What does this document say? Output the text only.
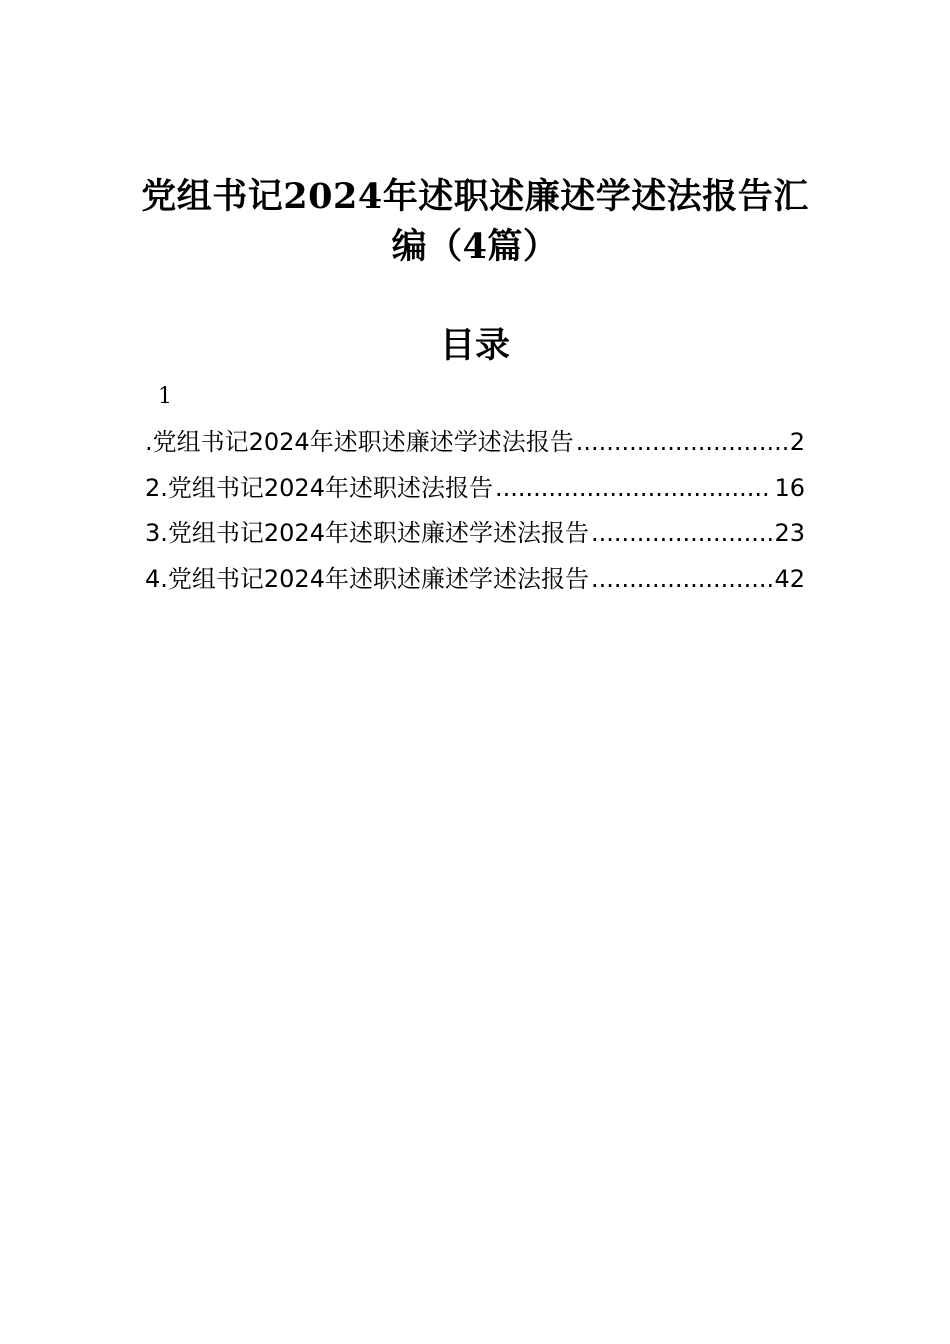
党组书记2024年述职述廉述学述法报告汇
编（4篇）
目录
1
.党组书记2024年述职述廉述学述法报告 .....	2
2.党组书记2024年述职述法报告 .....	16
3.党组书记2024年述职述廉述学述法报告 .....	23
4.党组书记2024年述职述廉述学述法报告 .....	42
